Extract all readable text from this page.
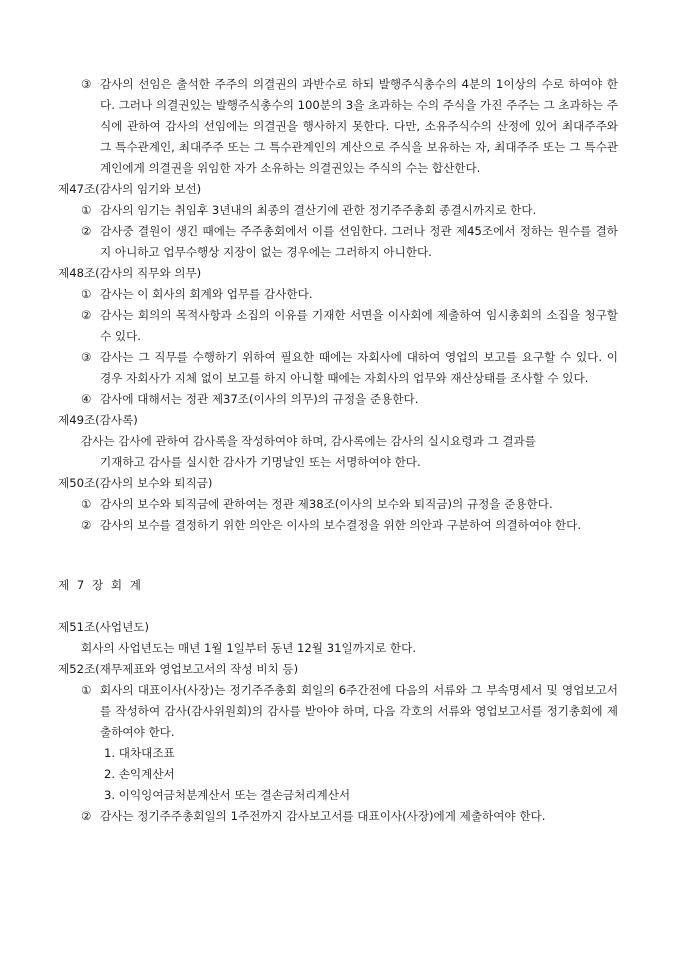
③ 감사의 선임은 출석한 주주의 의결권의 과반수로 하되 발행주식총수의 4분의 1이상의 수로 하여야 한다. 그러나 의결권있는 발행주식총수의 100분의 3을 초과하는 수의 주식을 가진 주주는 그 초과하는 주식에 관하여 감사의 선임에는 의결권을 행사하지 못한다. 다만, 소유주식수의 산정에 있어 최대주주와 그 특수관계인, 최대주주 또는 그 특수관계인의 계산으로 주식을 보유하는 자, 최대주주 또는 그 특수관계인에게 의결권을 위임한 자가 소유하는 의결권있는 주식의 수는 합산한다.
제47조(감사의 임기와 보선)
① 감사의 임기는 취임후 3년내의 최종의 결산기에 관한 정기주주총회 종결시까지로 한다.
② 감사중 결원이 생긴 때에는 주주총회에서 이를 선임한다. 그러나 정관 제45조에서 정하는 원수를 결하지 아니하고 업무수행상 지장이 없는 경우에는 그러하지 아니한다.
제48조(감사의 직무와 의무)
① 감사는 이 회사의 회계와 업무를 감사한다.
② 감사는 회의의 목적사항과 소집의 이유를 기재한 서면을 이사회에 제출하여 임시총회의 소집을 청구할 수 있다.
③ 감사는 그 직무를 수행하기 위하여 필요한 때에는 자회사에 대하여 영업의 보고를 요구할 수 있다. 이 경우 자회사가 지체 없이 보고를 하지 아니할 때에는 자회사의 업무와 재산상태를 조사할 수 있다.
④ 감사에 대해서는 정관 제37조(이사의 의무)의 규정을 준용한다.
제49조(감사록)
감사는 감사에 관하여 감사록을 작성하여야 하며, 감사록에는 감사의 실시요령과 그 결과를
기재하고 감사를 실시한 감사가 기명날인 또는 서명하여야 한다.
제50조(감사의 보수와 퇴직금)
① 감사의 보수와 퇴직금에 관하여는 정관 제38조(이사의 보수와 퇴직금)의 규정을 준용한다.
② 감사의 보수를 결정하기 위한 의안은 이사의 보수결정을 위한 의안과 구분하여 의결하여야 한다.
제 7 장 회 계
제51조(사업년도)
회사의 사업년도는 매년 1월 1일부터 동년 12월 31일까지로 한다.
제52조(재무제표와 영업보고서의 작성 비치 등)
① 회사의 대표이사(사장)는 정기주주총회 회일의 6주간전에 다음의 서류와 그 부속명세서 및 영업보고서를 작성하여 감사(감사위원회)의 감사를 받아야 하며, 다음 각호의 서류와 영업보고서를 정기총회에 제출하여야 한다.
1. 대차대조표
2. 손익계산서
3. 이익잉여금처분계산서 또는 결손금처리계산서
② 감사는 정기주주총회일의 1주전까지 감사보고서를 대표이사(사장)에게 제출하여야 한다.
